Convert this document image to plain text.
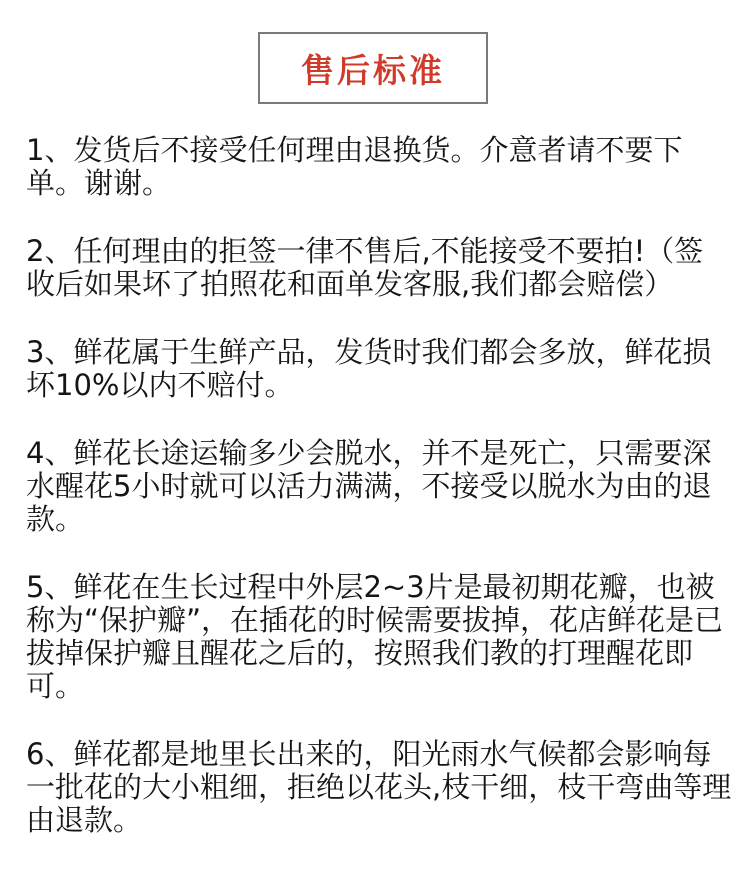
售后标准

1、发货后不接受任何理由退换货。介意者请不要下单。谢谢。

2、任何理由的拒签一律不售后,不能接受不要拍!（签收后如果坏了拍照花和面单发客服,我们都会赔偿）

3、鲜花属于生鲜产品，发货时我们都会多放，鲜花损坏10%以内不赔付。

4、鲜花长途运输多少会脱水，并不是死亡，只需要深水醒花5小时就可以活力满满，不接受以脱水为由的退款。

5、鲜花在生长过程中外层2~3片是最初期花瓣，也被称为“保护瓣”，在插花的时候需要拔掉，花店鲜花是已拔掉保护瓣且醒花之后的，按照我们教的打理醒花即可。

6、鲜花都是地里长出来的，阳光雨水气候都会影响每一批花的大小粗细，拒绝以花头,枝干细，枝干弯曲等理由退款。
